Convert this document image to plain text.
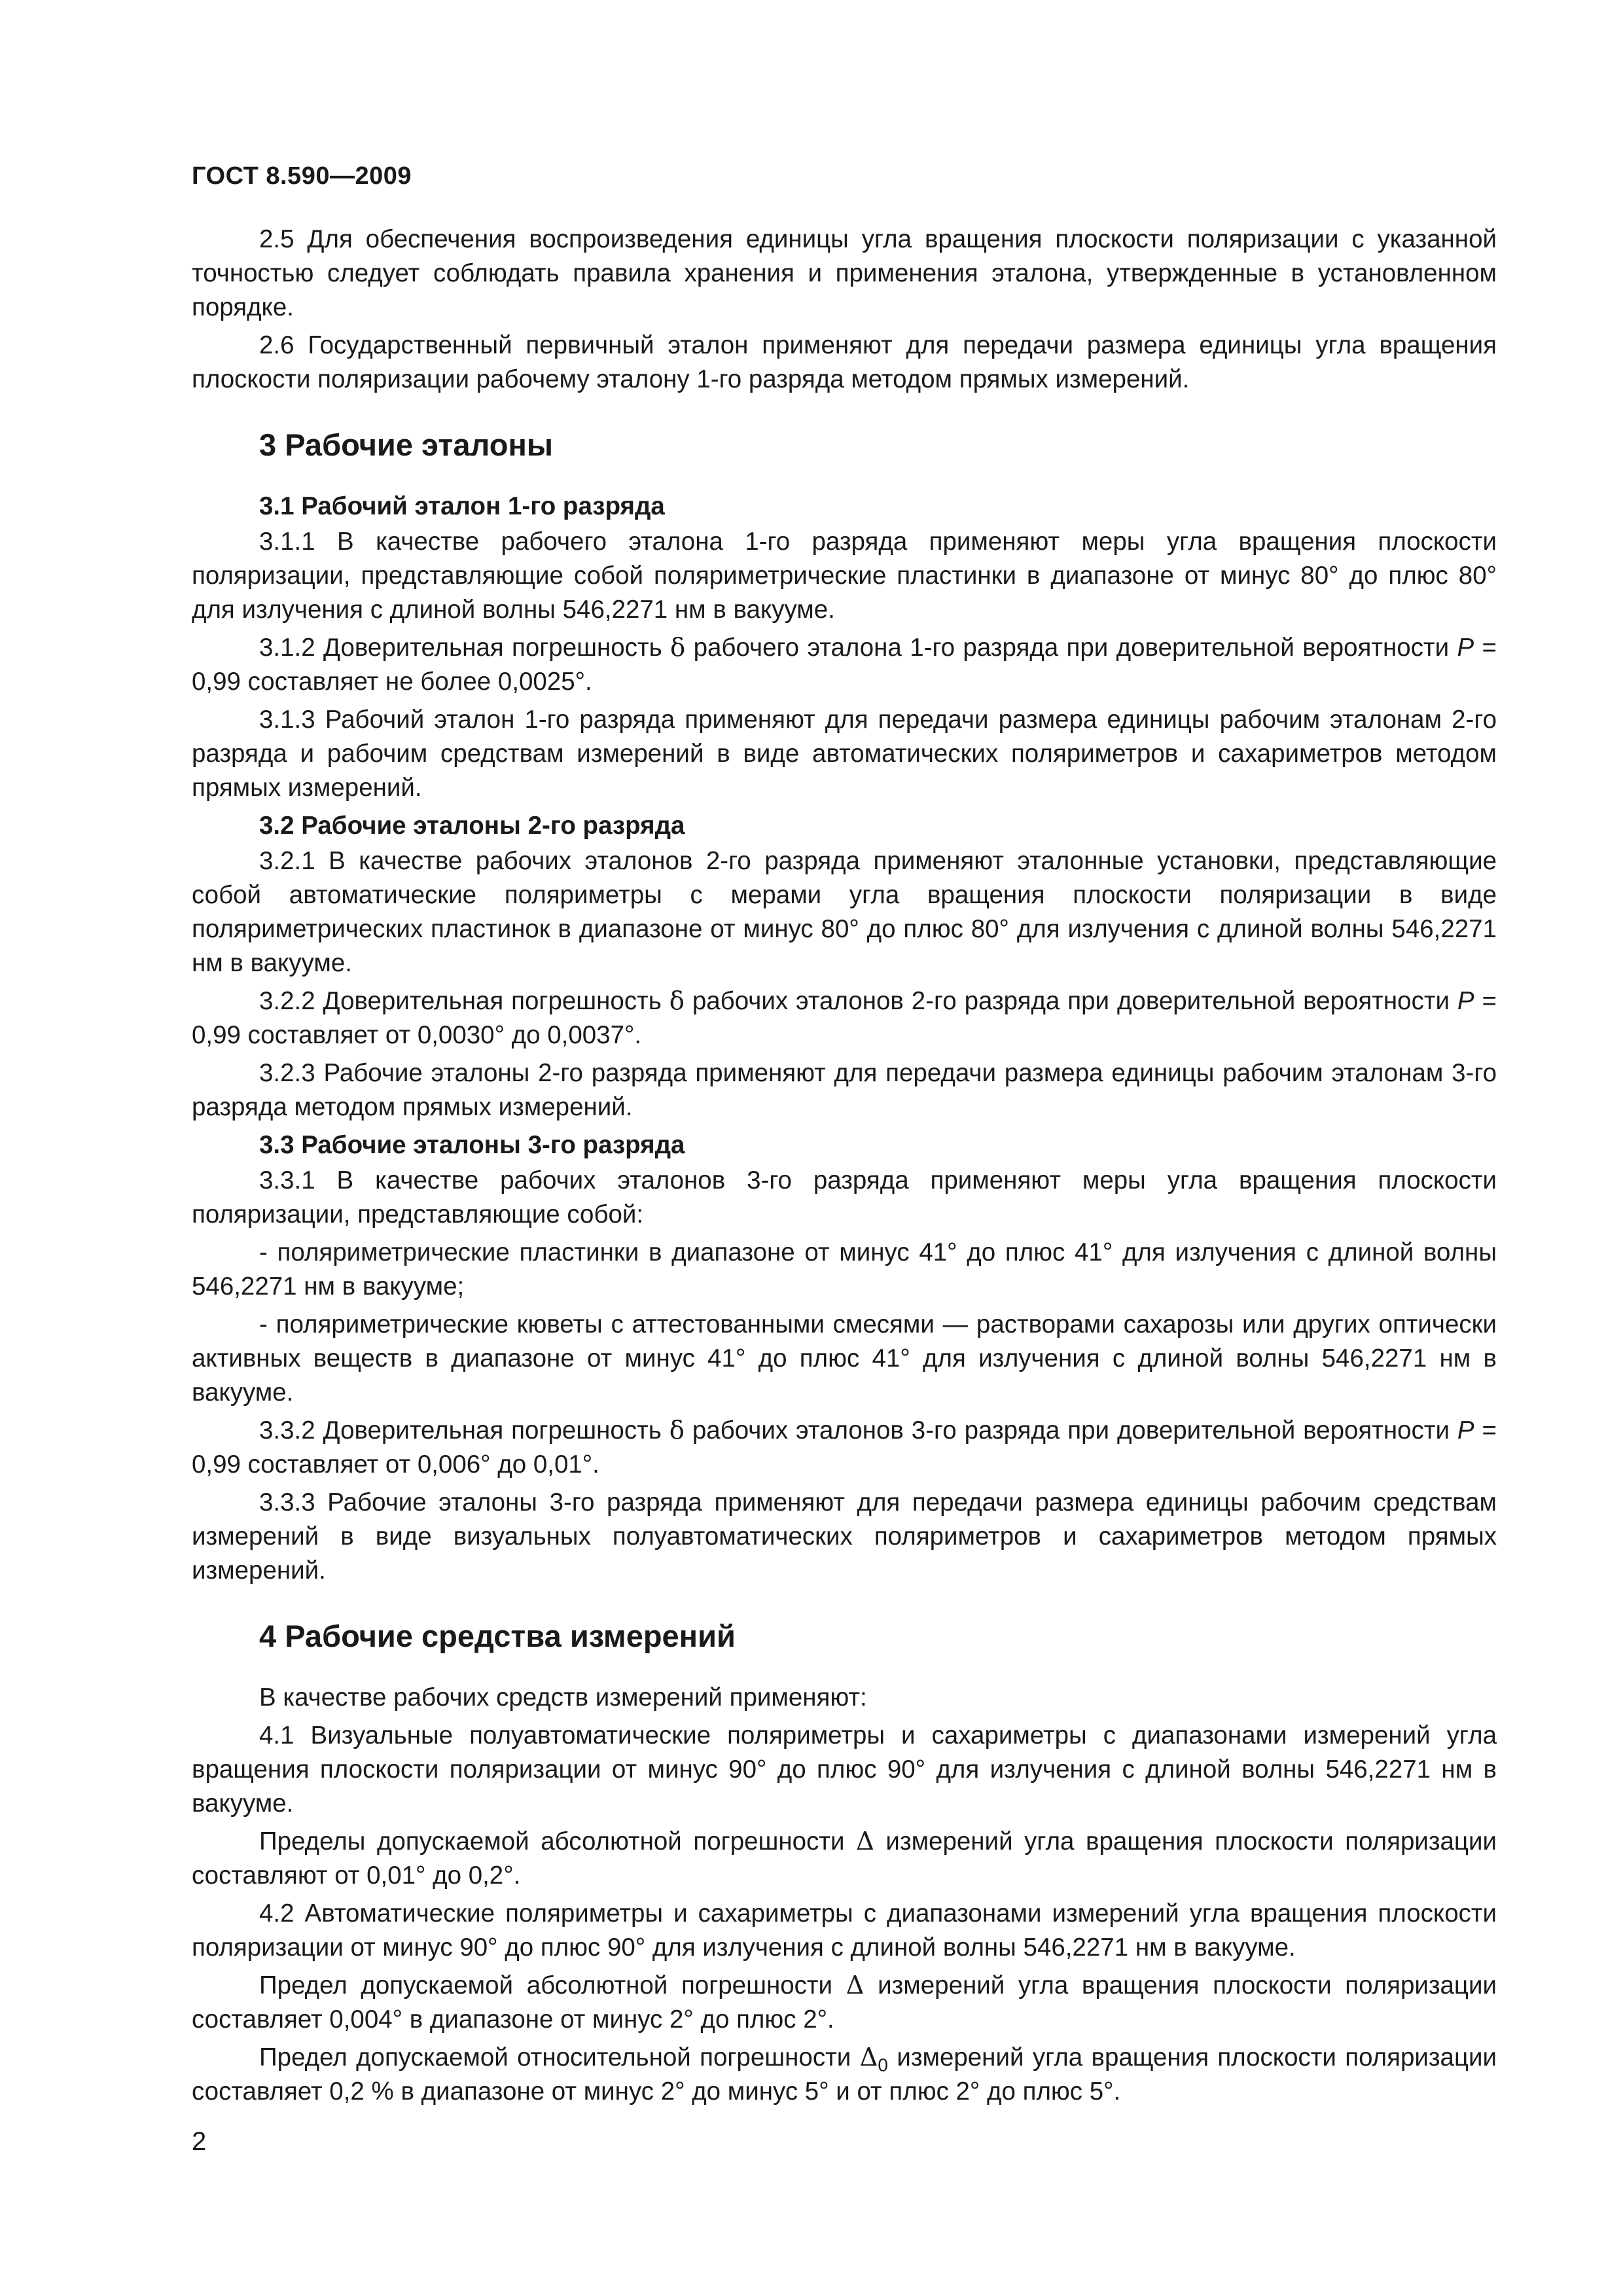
ГОСТ 8.590—2009

2.5 Для обеспечения воспроизведения единицы угла вращения плоскости поляризации с указанной точностью следует соблюдать правила хранения и применения эталона, утвержденные в установленном порядке.

2.6 Государственный первичный эталон применяют для передачи размера единицы угла вращения плоскости поляризации рабочему эталону 1-го разряда методом прямых измерений.

3 Рабочие эталоны
3.1 Рабочий эталон 1-го разряда

3.1.1 В качестве рабочего эталона 1-го разряда применяют меры угла вращения плоскости поляризации, представляющие собой поляриметрические пластинки в диапазоне от минус 80° до плюс 80° для излучения с длиной волны 546,2271 нм в вакууме.

3.1.2 Доверительная погрешность δ рабочего эталона 1-го разряда при доверительной вероятности P = 0,99 составляет не более 0,0025°.

3.1.3 Рабочий эталон 1-го разряда применяют для передачи размера единицы рабочим эталонам 2-го разряда и рабочим средствам измерений в виде автоматических поляриметров и сахариметров методом прямых измерений.

3.2 Рабочие эталоны 2-го разряда

3.2.1 В качестве рабочих эталонов 2-го разряда применяют эталонные установки, представляющие собой автоматические поляриметры с мерами угла вращения плоскости поляризации в виде поляриметрических пластинок в диапазоне от минус 80° до плюс 80° для излучения с длиной волны 546,2271 нм в вакууме.

3.2.2 Доверительная погрешность δ рабочих эталонов 2-го разряда при доверительной вероятности P = 0,99 составляет от 0,0030° до 0,0037°.

3.2.3 Рабочие эталоны 2-го разряда применяют для передачи размера единицы рабочим эталонам 3-го разряда методом прямых измерений.

3.3 Рабочие эталоны 3-го разряда

3.3.1 В качестве рабочих эталонов 3-го разряда применяют меры угла вращения плоскости поляризации, представляющие собой:

- поляриметрические пластинки в диапазоне от минус 41° до плюс 41° для излучения с длиной волны 546,2271 нм в вакууме;

- поляриметрические кюветы с аттестованными смесями — растворами сахарозы или других оптически активных веществ в диапазоне от минус 41° до плюс 41° для излучения с длиной волны 546,2271 нм в вакууме.

3.3.2 Доверительная погрешность δ рабочих эталонов 3-го разряда при доверительной вероятности P = 0,99 составляет от 0,006° до 0,01°.

3.3.3 Рабочие эталоны 3-го разряда применяют для передачи размера единицы рабочим средствам измерений в виде визуальных полуавтоматических поляриметров и сахариметров методом прямых измерений.

4 Рабочие средства измерений

В качестве рабочих средств измерений применяют:

4.1 Визуальные полуавтоматические поляриметры и сахариметры с диапазонами измерений угла вращения плоскости поляризации от минус 90° до плюс 90° для излучения с длиной волны 546,2271 нм в вакууме.

Пределы допускаемой абсолютной погрешности Δ измерений угла вращения плоскости поляризации составляют от 0,01° до 0,2°.

4.2 Автоматические поляриметры и сахариметры с диапазонами измерений угла вращения плоскости поляризации от минус 90° до плюс 90° для излучения с длиной волны 546,2271 нм в вакууме.

Предел допускаемой абсолютной погрешности Δ измерений угла вращения плоскости поляризации составляет 0,004° в диапазоне от минус 2° до плюс 2°.

Предел допускаемой относительной погрешности $\Delta_0$ измерений угла вращения плоскости поляризации составляет 0,2 % в диапазоне от минус 2° до минус 5° и от плюс 2° до плюс 5°.

2
